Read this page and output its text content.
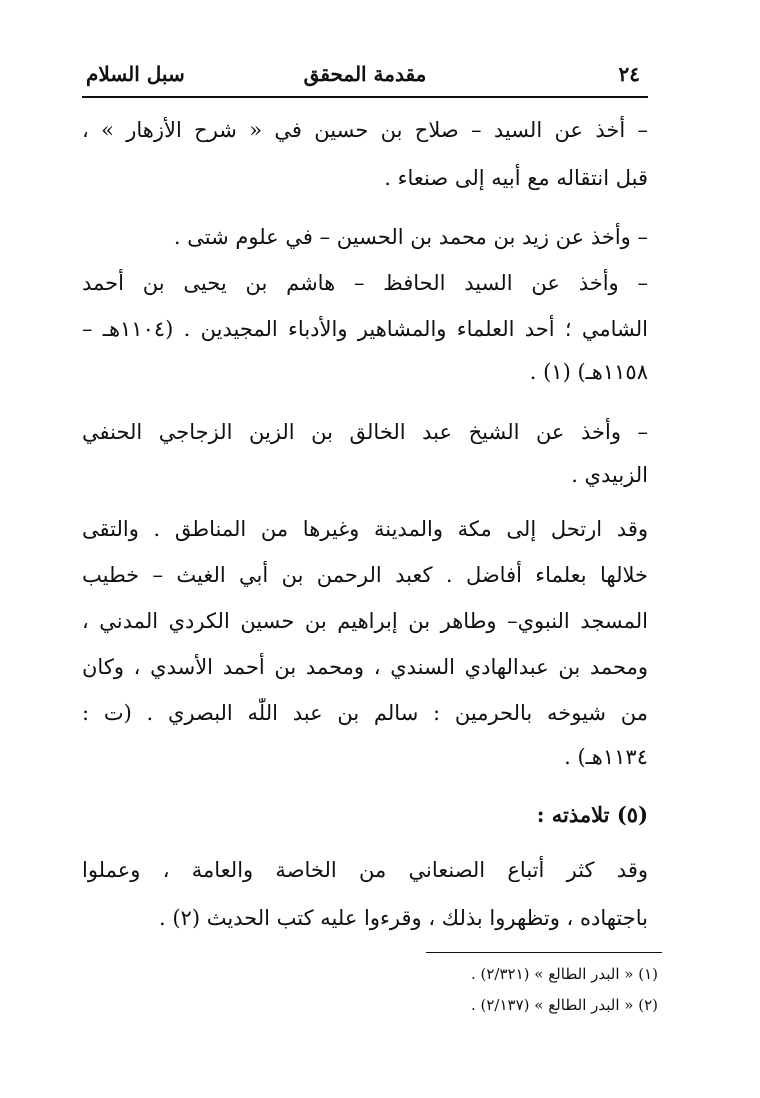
٢٤
مقدمة المحقق
سبل السلام
– أخذ عن السيد – صلاح بن حسين في « شرح الأزهار » ،
قبل انتقاله مع أبيه إلى صنعاء .
– وأخذ عن زيد بن محمد بن الحسين – في علوم شتى .
– وأخذ عن السيد الحافظ – هاشم بن يحيى بن أحمد
الشامي ؛ أحد العلماء والمشاهير والأدباء المجيدين . (١١٠٤هـ –
١١٥٨هـ) (١) .
– وأخذ عن الشيخ عبد الخالق بن الزين الزجاجي الحنفي
الزبيدي .
وقد ارتحل إلى مكة والمدينة وغيرها من المناطق . والتقى
خلالها بعلماء أفاضل . كعبد الرحمن بن أبي الغيث – خطيب
المسجد النبوي– وطاهر بن إبراهيم بن حسين الكردي المدني ،
ومحمد بن عبدالهادي السندي ، ومحمد بن أحمد الأسدي ، وكان
من شيوخه بالحرمين : سالم بن عبد اللّٰه البصري . (ت :
١١٣٤هـ) .
(٥) تلامذته :
وقد كثر أتباع الصنعاني من الخاصة والعامة ، وعملوا
باجتهاده ، وتظهروا بذلك ، وقرءوا عليه كتب الحديث (٢) .
(١) « البدر الطالع » (٢/٣٢١) .
(٢) « البدر الطالع » (٢/١٣٧) .
